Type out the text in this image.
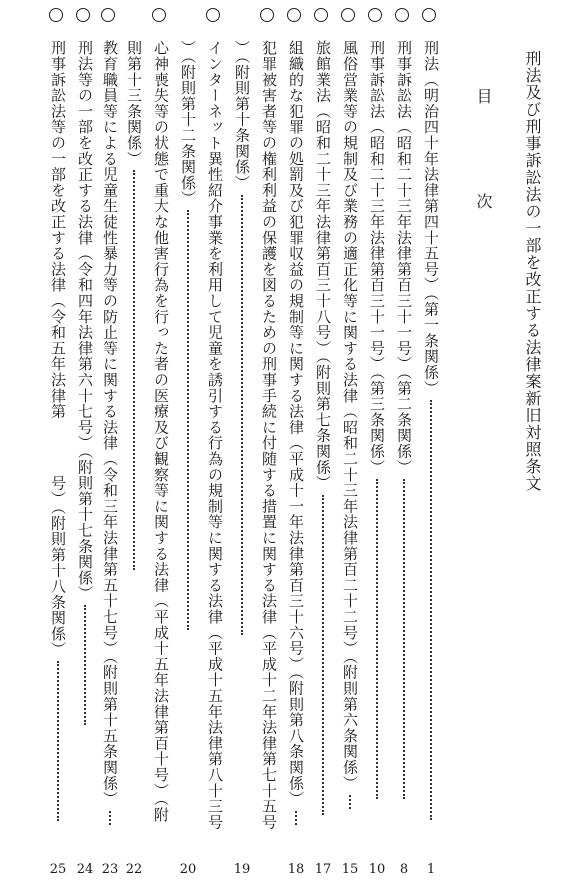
刑法及び刑事訴訟法の一部を改正する法律案新旧対照条文
目次
刑法（明治四十年法律第四十五号）（第一条関係）
1
刑事訴訟法（昭和二十三年法律第百三十一号）（第二条関係）
8
刑事訴訟法（昭和二十三年法律第百三十一号）（第三条関係）
10
風俗営業等の規制及び業務の適正化等に関する法律（昭和二十三年法律第百二十二号）（附則第六条関係）
15
旅館業法（昭和二十三年法律第百三十八号）（附則第七条関係）
17
組織的な犯罪の処罰及び犯罪収益の規制等に関する法律（平成十一年法律第百三十六号）（附則第八条関係）
18
犯罪被害者等の権利利益の保護を図るための刑事手続に付随する措置に関する法律（平成十二年法律第七十五号
）（附則第十条関係）
19
インターネット異性紹介事業を利用して児童を誘引する行為の規制等に関する法律（平成十五年法律第八十三号
）（附則第十二条関係）
20
心神喪失等の状態で重大な他害行為を行った者の医療及び観察等に関する法律（平成十五年法律第百十号）（附
則第十三条関係）
22
教育職員等による児童生徒性暴力等の防止等に関する法律（令和三年法律第五十七号）（附則第十五条関係）
23
刑法等の一部を改正する法律（令和四年法律第六十七号）（附則第十七条関係）
24
刑事訴訟法等の一部を改正する法律（令和五年法律第号）（附則第十八条関係）
25
